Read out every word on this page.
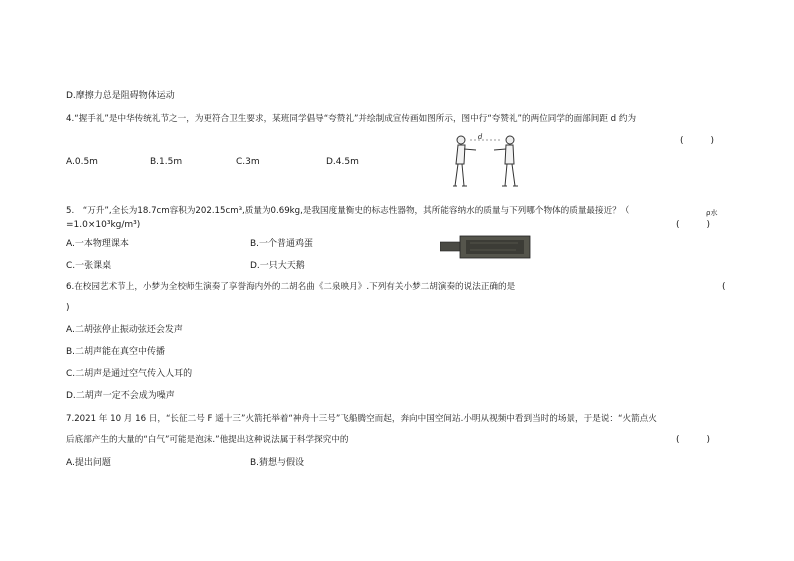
D.摩擦力总是阻碍物体运动
4.“握手礼”是中华传统礼节之一，为更符合卫生要求，某班同学倡导“夸赞礼”并绘制成宣传画如图所示，图中行“夸赞礼”的两位同学的面部间距 d 约为
(　　　)
A.0.5m	B.1.5m	C.3m	D.4.5m
d
5.　“万升”,全长为18.7cm容积为202.15cm³,质量为0.69kg,是我国度量衡史的标志性器物，其所能容纳水的质量与下列哪个物体的质量最接近？（	ρ水
=1.0×10³kg/m³)	(　　　)
A.一本物理课本	B.一个普通鸡蛋
C.一张课桌	D.一只大天鹅
6.在校园艺术节上，小梦为全校师生演奏了享誉海内外的二胡名曲《二泉映月》.下列有关小梦二胡演奏的说法正确的是	(
)
A.二胡弦停止振动弦还会发声
B.二胡声能在真空中传播
C.二胡声是通过空气传入人耳的
D.二胡声一定不会成为噪声
7.2021 年 10 月 16 日，“长征二号 F 遥十三”火箭托举着“神舟十三号”飞船腾空而起，奔向中国空间站.小明从视频中看到当时的场景，于是说：“火箭点火
后底部产生的大量的“白气”可能是泡沫.”他提出这种说法属于科学探究中的	(　　　)
A.提出问题	B.猜想与假设
